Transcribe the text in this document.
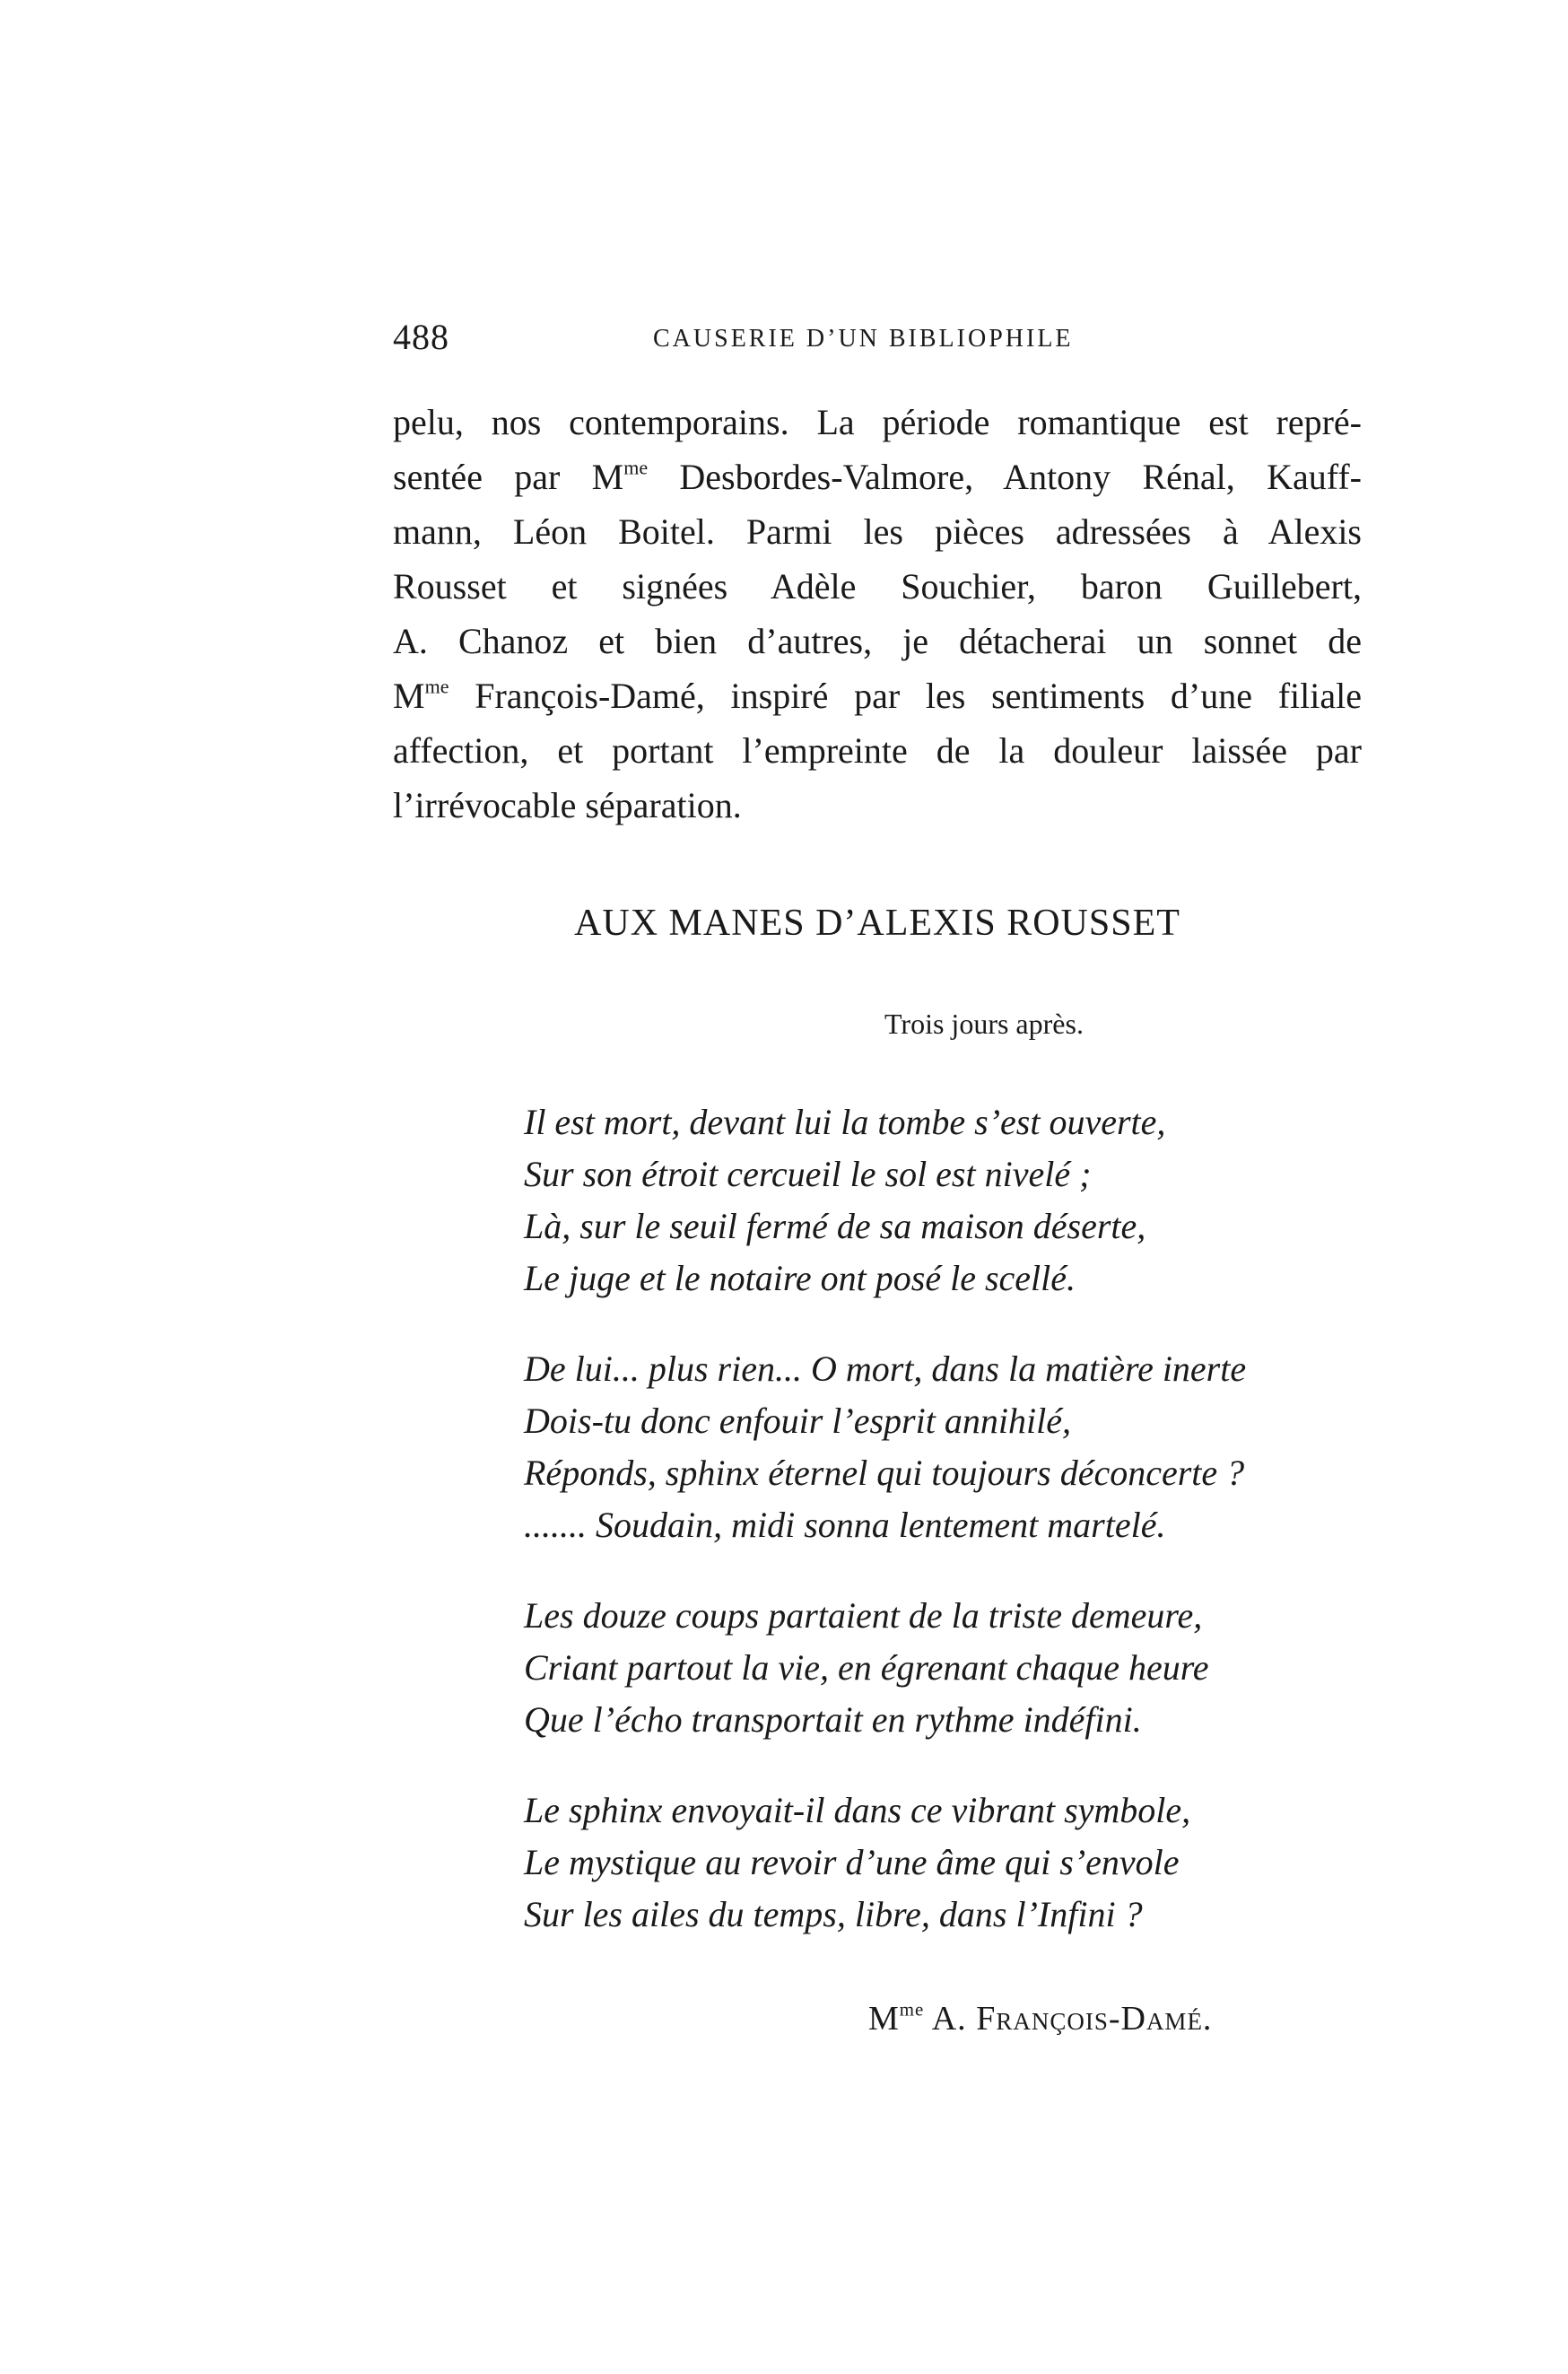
488	CAUSERIE D’UN BIBLIOPHILE
pelu, nos contemporains. La période romantique est repré-
sentée par $M^{me}$ Desbordes-Valmore, Antony Rénal, Kauff-
mann, Léon Boitel. Parmi les pièces adressées à Alexis
Rousset et signées Adèle Souchier, baron Guillebert,
A. Chanoz et bien d’autres, je détacherai un sonnet de
$M^{me}$ François-Damé, inspiré par les sentiments d’une filiale
affection, et portant l’empreinte de la douleur laissée par
l’irrévocable séparation.
AUX MANES D’ALEXIS ROUSSET
Trois jours après.
Il est mort, devant lui la tombe s’est ouverte,
Sur son étroit cercueil le sol est nivelé ;
Là, sur le seuil fermé de sa maison déserte,
Le juge et le notaire ont posé le scellé.
De lui... plus rien... O mort, dans la matière inerte
Dois-tu donc enfouir l’esprit annihilé,
Réponds, sphinx éternel qui toujours déconcerte ?
....... Soudain, midi sonna lentement martelé.
Les douze coups partaient de la triste demeure,
Criant partout la vie, en égrenant chaque heure
Que l’écho transportait en rythme indéfini.
Le sphinx envoyait-il dans ce vibrant symbole,
Le mystique au revoir d’une âme qui s’envole
Sur les ailes du temps, libre, dans l’Infini ?
$M^{me}$ A. François-Damé.
